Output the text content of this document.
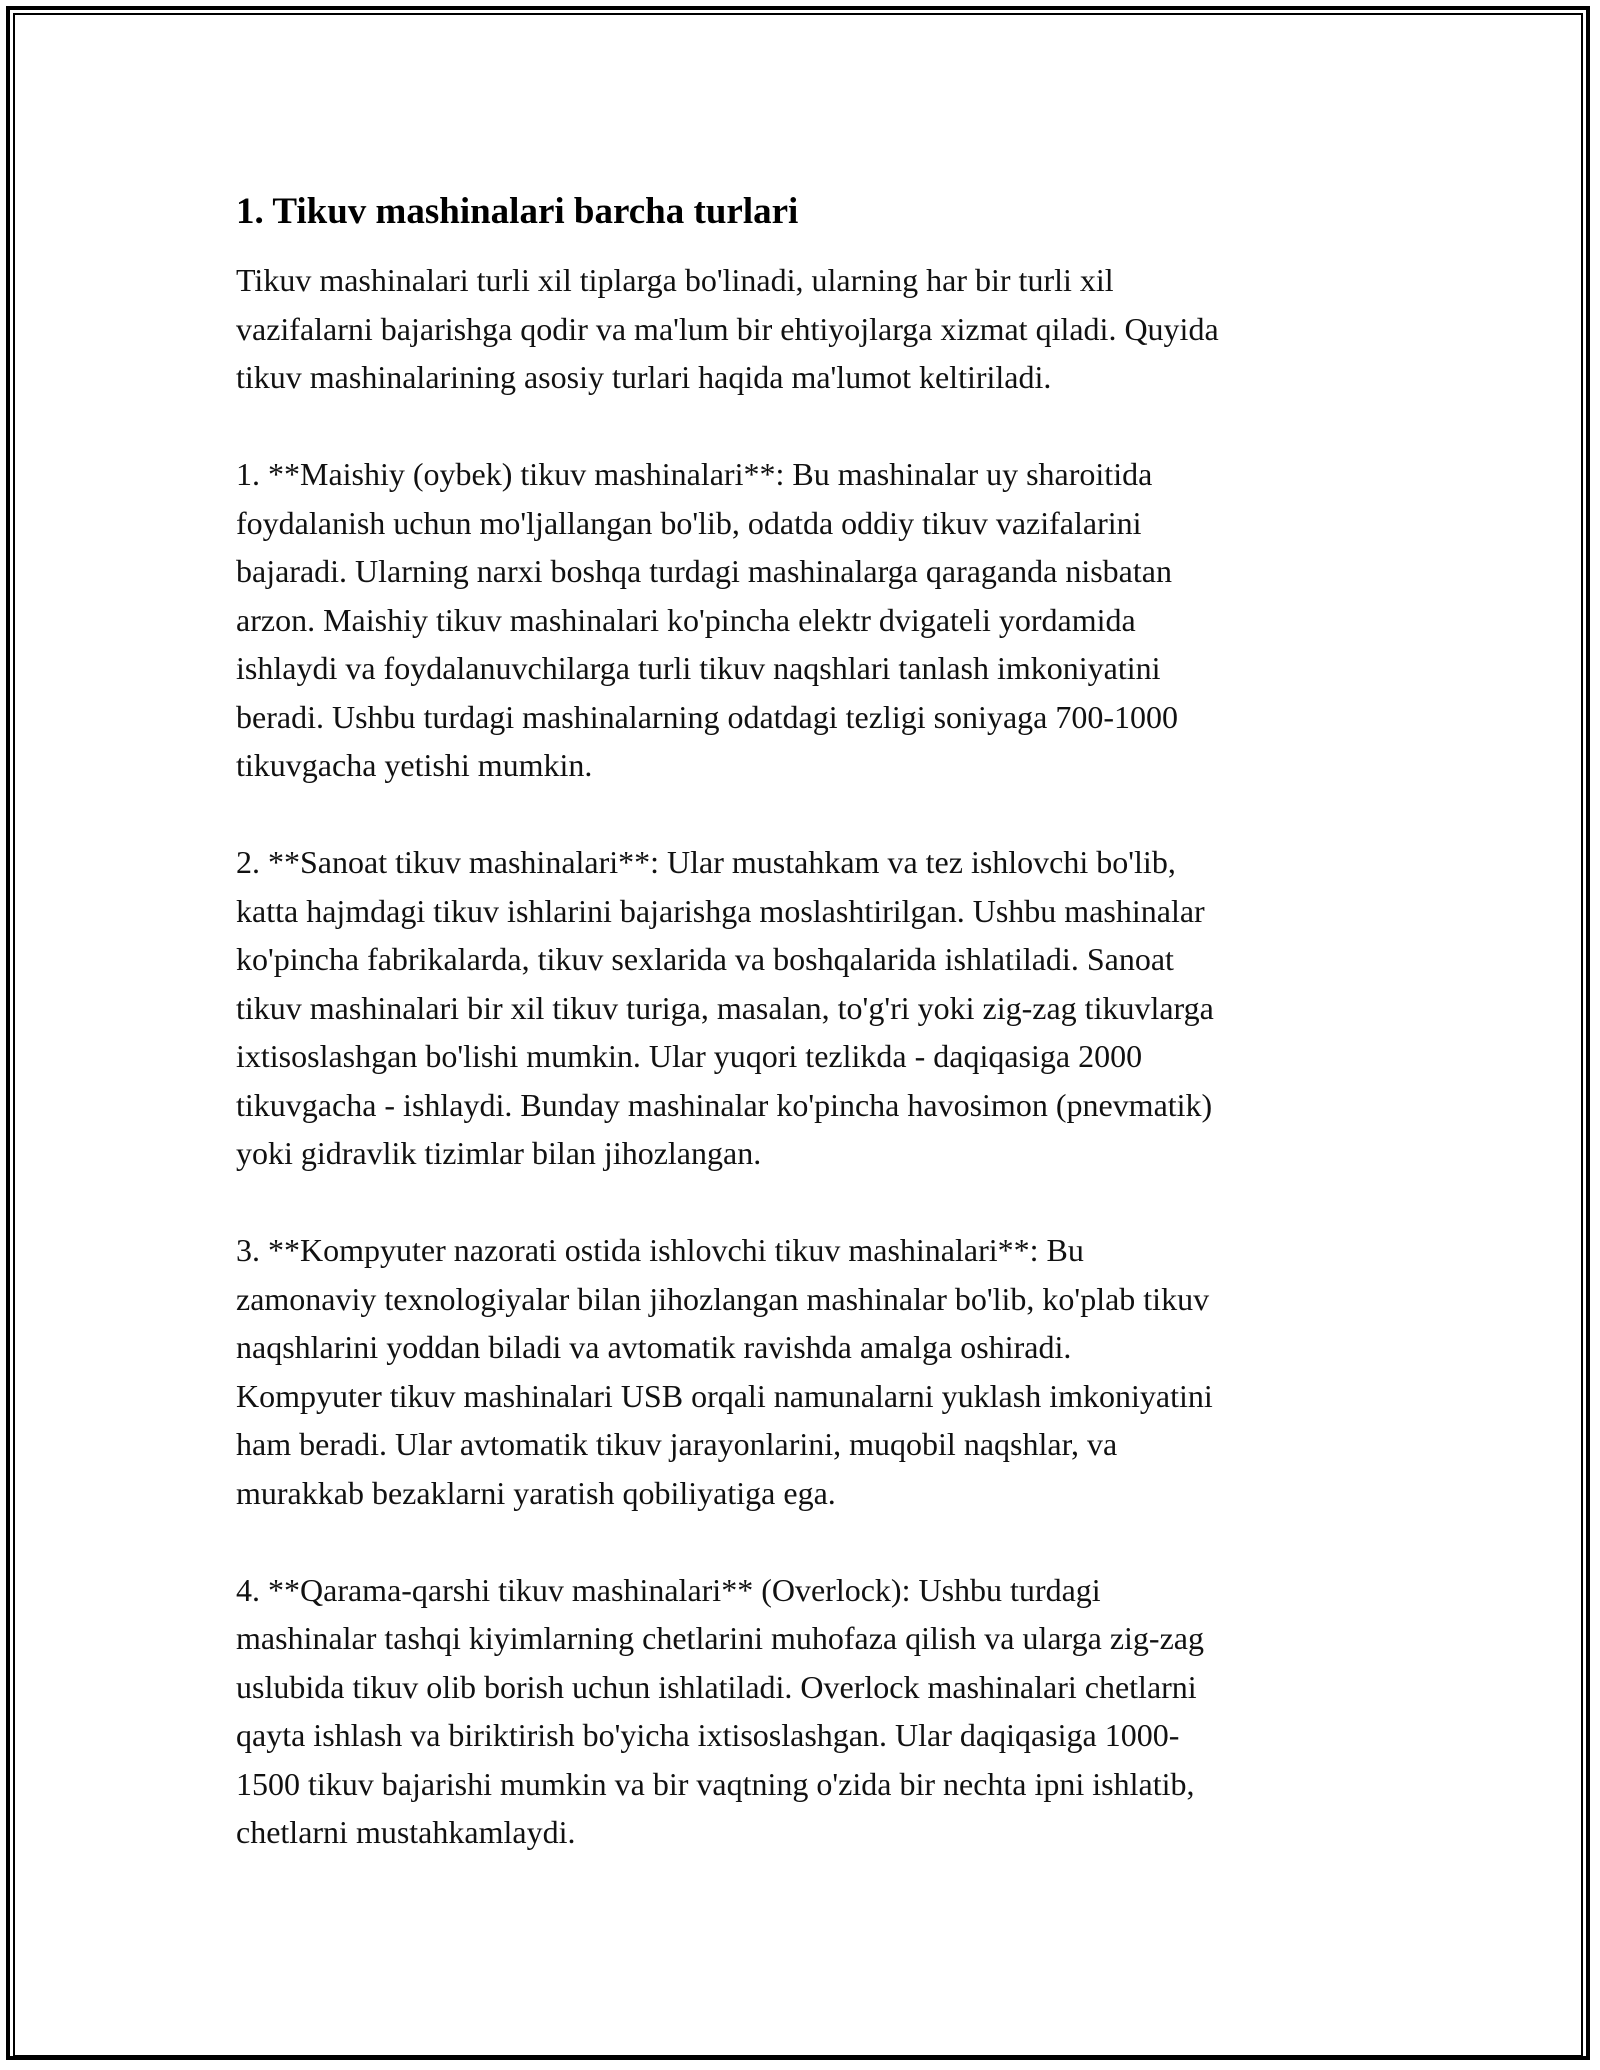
1. Tikuv mashinalari barcha turlari

Tikuv mashinalari turli xil tiplarga bo'linadi, ularning har bir turli xil
vazifalarni bajarishga qodir va ma'lum bir ehtiyojlarga xizmat qiladi. Quyida
tikuv mashinalarining asosiy turlari haqida ma'lumot keltiriladi.

1. **Maishiy (oybek) tikuv mashinalari**: Bu mashinalar uy sharoitida
foydalanish uchun mo'ljallangan bo'lib, odatda oddiy tikuv vazifalarini
bajaradi. Ularning narxi boshqa turdagi mashinalarga qaraganda nisbatan
arzon. Maishiy tikuv mashinalari ko'pincha elektr dvigateli yordamida
ishlaydi va foydalanuvchilarga turli tikuv naqshlari tanlash imkoniyatini
beradi. Ushbu turdagi mashinalarning odatdagi tezligi soniyaga 700-1000
tikuvgacha yetishi mumkin.

2. **Sanoat tikuv mashinalari**: Ular mustahkam va tez ishlovchi bo'lib,
katta hajmdagi tikuv ishlarini bajarishga moslashtirilgan. Ushbu mashinalar
ko'pincha fabrikalarda, tikuv sexlarida va boshqalarida ishlatiladi. Sanoat
tikuv mashinalari bir xil tikuv turiga, masalan, to'g'ri yoki zig-zag tikuvlarga
ixtisoslashgan bo'lishi mumkin. Ular yuqori tezlikda - daqiqasiga 2000
tikuvgacha - ishlaydi. Bunday mashinalar ko'pincha havosimon (pnevmatik)
yoki gidravlik tizimlar bilan jihozlangan.

3. **Kompyuter nazorati ostida ishlovchi tikuv mashinalari**: Bu
zamonaviy texnologiyalar bilan jihozlangan mashinalar bo'lib, ko'plab tikuv
naqshlarini yoddan biladi va avtomatik ravishda amalga oshiradi.
Kompyuter tikuv mashinalari USB orqali namunalarni yuklash imkoniyatini
ham beradi. Ular avtomatik tikuv jarayonlarini, muqobil naqshlar, va
murakkab bezaklarni yaratish qobiliyatiga ega.

4. **Qarama-qarshi tikuv mashinalari** (Overlock): Ushbu turdagi
mashinalar tashqi kiyimlarning chetlarini muhofaza qilish va ularga zig-zag
uslubida tikuv olib borish uchun ishlatiladi. Overlock mashinalari chetlarni
qayta ishlash va biriktirish bo'yicha ixtisoslashgan. Ular daqiqasiga 1000-
1500 tikuv bajarishi mumkin va bir vaqtning o'zida bir nechta ipni ishlatib,
chetlarni mustahkamlaydi.
